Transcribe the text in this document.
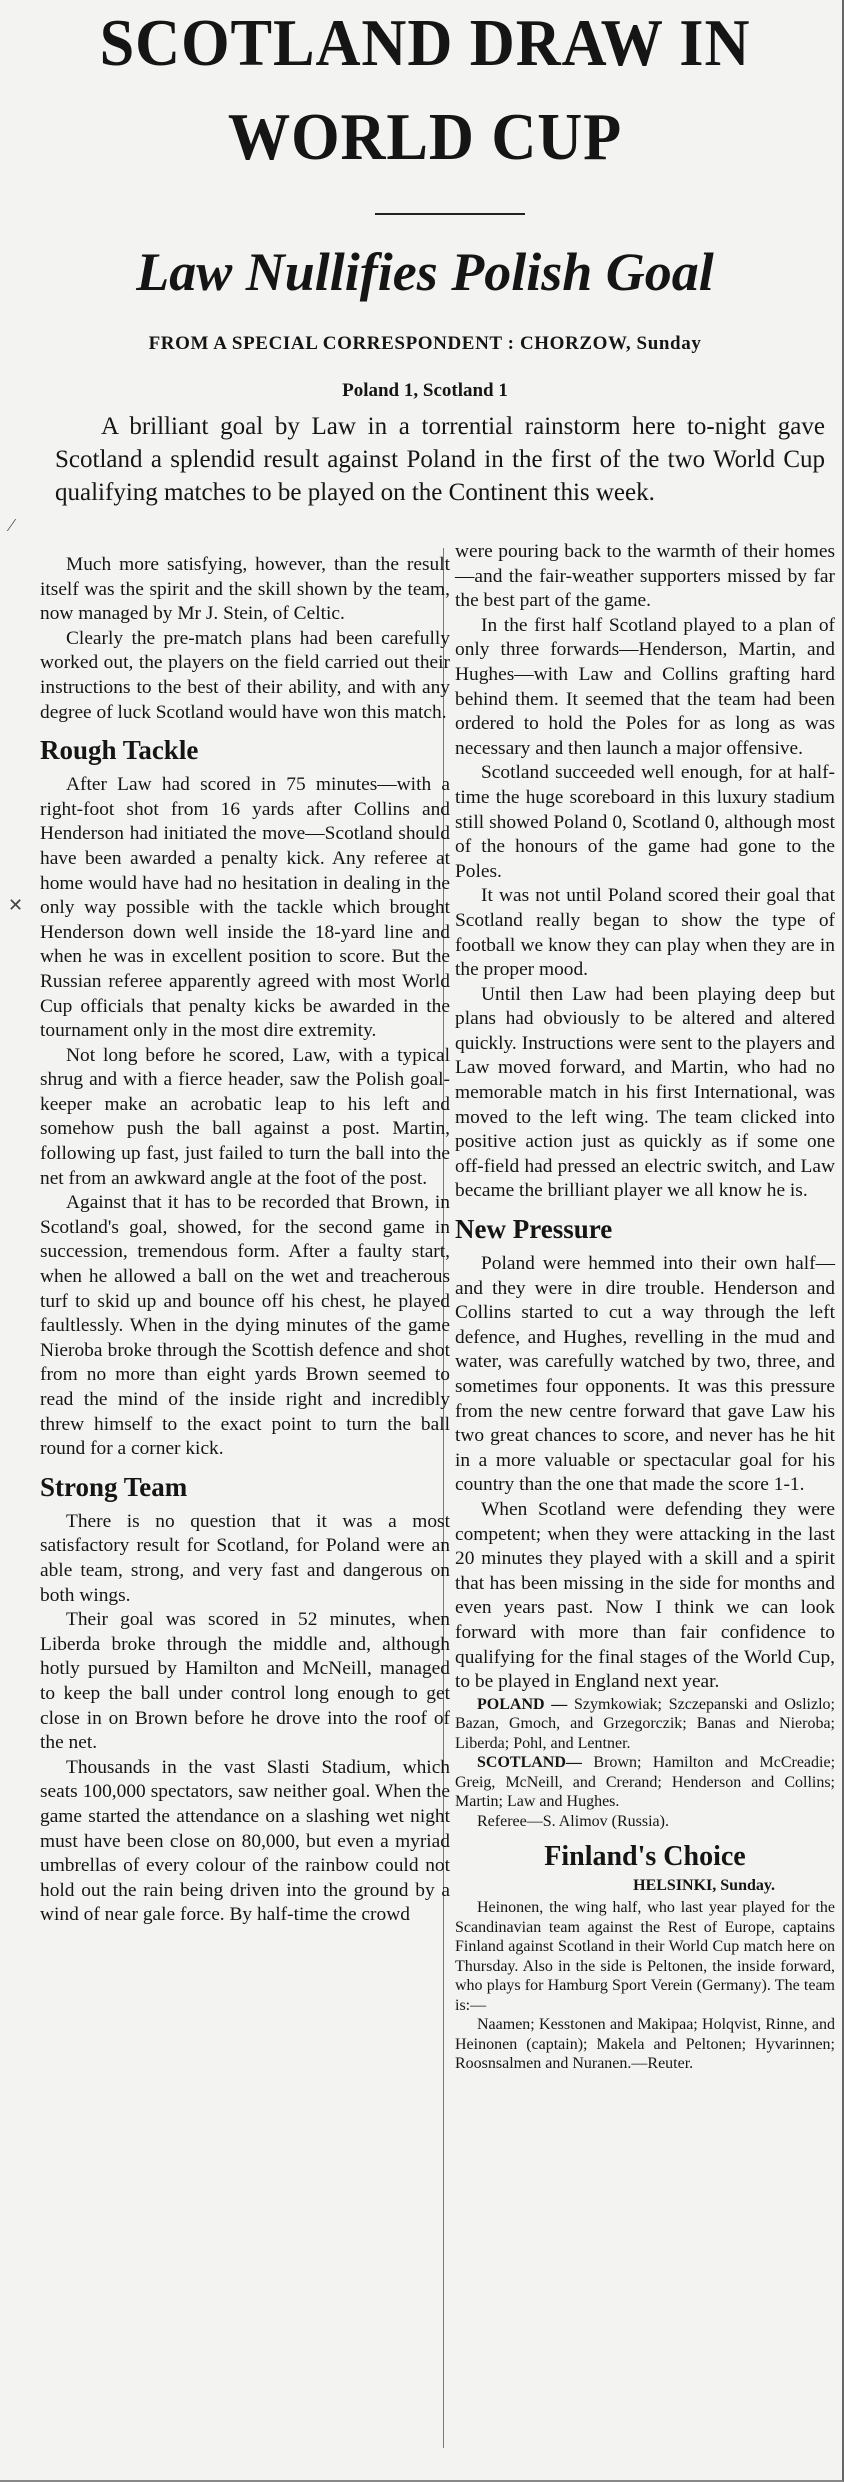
SCOTLAND DRAW IN
WORLD CUP
Law Nullifies Polish Goal
FROM A SPECIAL CORRESPONDENT : CHORZOW, Sunday
Poland 1, Scotland 1

A brilliant goal by Law in a torrential rainstorm here to-night gave Scotland a splendid result against Poland in the first of the two World Cup qualifying matches to be played on the Continent this week.

Much more satisfying, however, than the result itself was the spirit and the skill shown by the team, now managed by Mr J. Stein, of Celtic.

Clearly the pre-match plans had been carefully worked out, the players on the field carried out their instructions to the best of their ability, and with any degree of luck Scotland would have won this match.

Rough Tackle

After Law had scored in 75 minutes—with a right-foot shot from 16 yards after Collins and Henderson had initiated the move—Scotland should have been awarded a penalty kick. Any referee at home would have had no hesitation in dealing in the only way possible with the tackle which brought Henderson down well inside the 18-yard line and when he was in excellent position to score. But the Russian referee apparently agreed with most World Cup officials that penalty kicks be awarded in the tournament only in the most dire extremity.

Not long before he scored, Law, with a typical shrug and with a fierce header, saw the Polish goal-keeper make an acrobatic leap to his left and somehow push the ball against a post. Martin, following up fast, just failed to turn the ball into the net from an awkward angle at the foot of the post.

Against that it has to be recorded that Brown, in Scotland's goal, showed, for the second game in succession, tremendous form. After a faulty start, when he allowed a ball on the wet and treacherous turf to skid up and bounce off his chest, he played faultlessly. When in the dying minutes of the game Nieroba broke through the Scottish defence and shot from no more than eight yards Brown seemed to read the mind of the inside right and incredibly threw himself to the exact point to turn the ball round for a corner kick.

Strong Team

There is no question that it was a most satisfactory result for Scotland, for Poland were an able team, strong, and very fast and dangerous on both wings.

Their goal was scored in 52 minutes, when Liberda broke through the middle and, although hotly pursued by Hamilton and McNeill, managed to keep the ball under control long enough to get close in on Brown before he drove into the roof of the net.

Thousands in the vast Slasti Stadium, which seats 100,000 spectators, saw neither goal. When the game started the attendance on a slashing wet night must have been close on 80,000, but even a myriad umbrellas of every colour of the rainbow could not hold out the rain being driven into the ground by a wind of near gale force. By half-time the crowd

were pouring back to the warmth of their homes—and the fair-weather supporters missed by far the best part of the game.

In the first half Scotland played to a plan of only three forwards—Henderson, Martin, and Hughes—with Law and Collins grafting hard behind them. It seemed that the team had been ordered to hold the Poles for as long as was necessary and then launch a major offensive.

Scotland succeeded well enough, for at half-time the huge scoreboard in this luxury stadium still showed Poland 0, Scotland 0, although most of the honours of the game had gone to the Poles.

It was not until Poland scored their goal that Scotland really began to show the type of football we know they can play when they are in the proper mood.

Until then Law had been playing deep but plans had obviously to be altered and altered quickly. Instructions were sent to the players and Law moved forward, and Martin, who had no memorable match in his first International, was moved to the left wing. The team clicked into positive action just as quickly as if some one off-field had pressed an electric switch, and Law became the brilliant player we all know he is.

New Pressure

Poland were hemmed into their own half—and they were in dire trouble. Henderson and Collins started to cut a way through the left defence, and Hughes, revelling in the mud and water, was carefully watched by two, three, and sometimes four opponents. It was this pressure from the new centre forward that gave Law his two great chances to score, and never has he hit in a more valuable or spectacular goal for his country than the one that made the score 1-1.

When Scotland were defending they were competent; when they were attacking in the last 20 minutes they played with a skill and a spirit that has been missing in the side for months and even years past. Now I think we can look forward with more than fair confidence to qualifying for the final stages of the World Cup, to be played in England next year.

POLAND — Szymkowiak; Szczepanski and Oslizlo; Bazan, Gmoch, and Grzegorczik; Banas and Nieroba; Liberda; Pohl, and Lentner.

SCOTLAND— Brown; Hamilton and McCreadie; Greig, McNeill, and Crerand; Henderson and Collins; Martin; Law and Hughes.

Referee—S. Alimov (Russia).

Finland's Choice
HELSINKI, Sunday.

Heinonen, the wing half, who last year played for the Scandinavian team against the Rest of Europe, captains Finland against Scotland in their World Cup match here on Thursday. Also in the side is Peltonen, the inside forward, who plays for Hamburg Sport Verein (Germany). The team is:—

Naamen; Kesstonen and Makipaa; Holqvist, Rinne, and Heinonen (captain); Makela and Peltonen; Hyvarinnen; Roosnsalmen and Nuranen.—Reuter.

✕
⁄
